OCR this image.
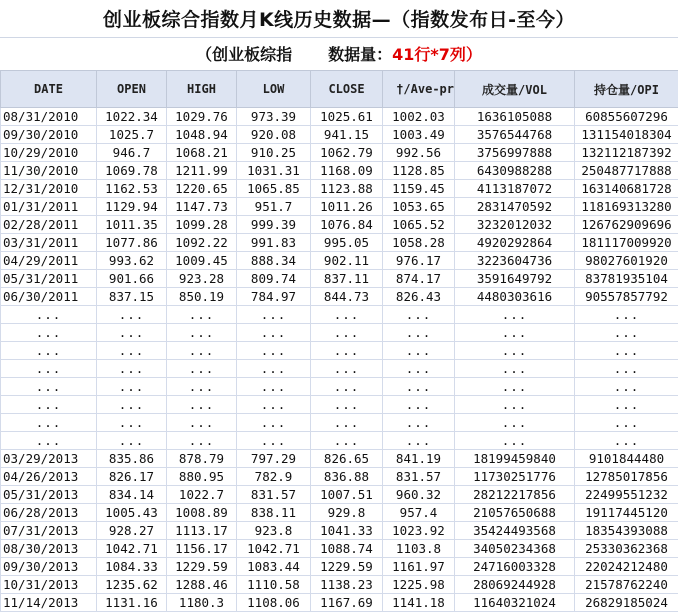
创业板综合指数月K线历史数据—（指数发布日-至今）
（创业板综指 数据量： 41行*7列）
DATE	OPEN	HIGH	LOW	CLOSE	†/Ave-pr	成交量/VOL	持仓量/OPI
08/31/2010	1022.34	1029.76	973.39	1025.61	1002.03	1636105088	60855607296
09/30/2010	1025.7	1048.94	920.08	941.15	1003.49	3576544768	131154018304
10/29/2010	946.7	1068.21	910.25	1062.79	992.56	3756997888	132112187392
11/30/2010	1069.78	1211.99	1031.31	1168.09	1128.85	6430988288	250487717888
12/31/2010	1162.53	1220.65	1065.85	1123.88	1159.45	4113187072	163140681728
01/31/2011	1129.94	1147.73	951.7	1011.26	1053.65	2831470592	118169313280
02/28/2011	1011.35	1099.28	999.39	1076.84	1065.52	3232012032	126762909696
03/31/2011	1077.86	1092.22	991.83	995.05	1058.28	4920292864	181117009920
04/29/2011	993.62	1009.45	888.34	902.11	976.17	3223604736	98027601920
05/31/2011	901.66	923.28	809.74	837.11	874.17	3591649792	83781935104
06/30/2011	837.15	850.19	784.97	844.73	826.43	4480303616	90557857792
...	...	...	...	...	...	...	...
...	...	...	...	...	...	...	...
...	...	...	...	...	...	...	...
...	...	...	...	...	...	...	...
...	...	...	...	...	...	...	...
...	...	...	...	...	...	...	...
...	...	...	...	...	...	...	...
...	...	...	...	...	...	...	...
03/29/2013	835.86	878.79	797.29	826.65	841.19	18199459840	9101844480
04/26/2013	826.17	880.95	782.9	836.88	831.57	11730251776	12785017856
05/31/2013	834.14	1022.7	831.57	1007.51	960.32	28212217856	22499551232
06/28/2013	1005.43	1008.89	838.11	929.8	957.4	21057650688	19117445120
07/31/2013	928.27	1113.17	923.8	1041.33	1023.92	35424493568	18354393088
08/30/2013	1042.71	1156.17	1042.71	1088.74	1103.8	34050234368	25330362368
09/30/2013	1084.33	1229.59	1083.44	1229.59	1161.97	24716003328	22024212480
10/31/2013	1235.62	1288.46	1110.58	1138.23	1225.98	28069244928	21578762240
11/14/2013	1131.16	1180.3	1108.06	1167.69	1141.18	11640321024	26829185024
